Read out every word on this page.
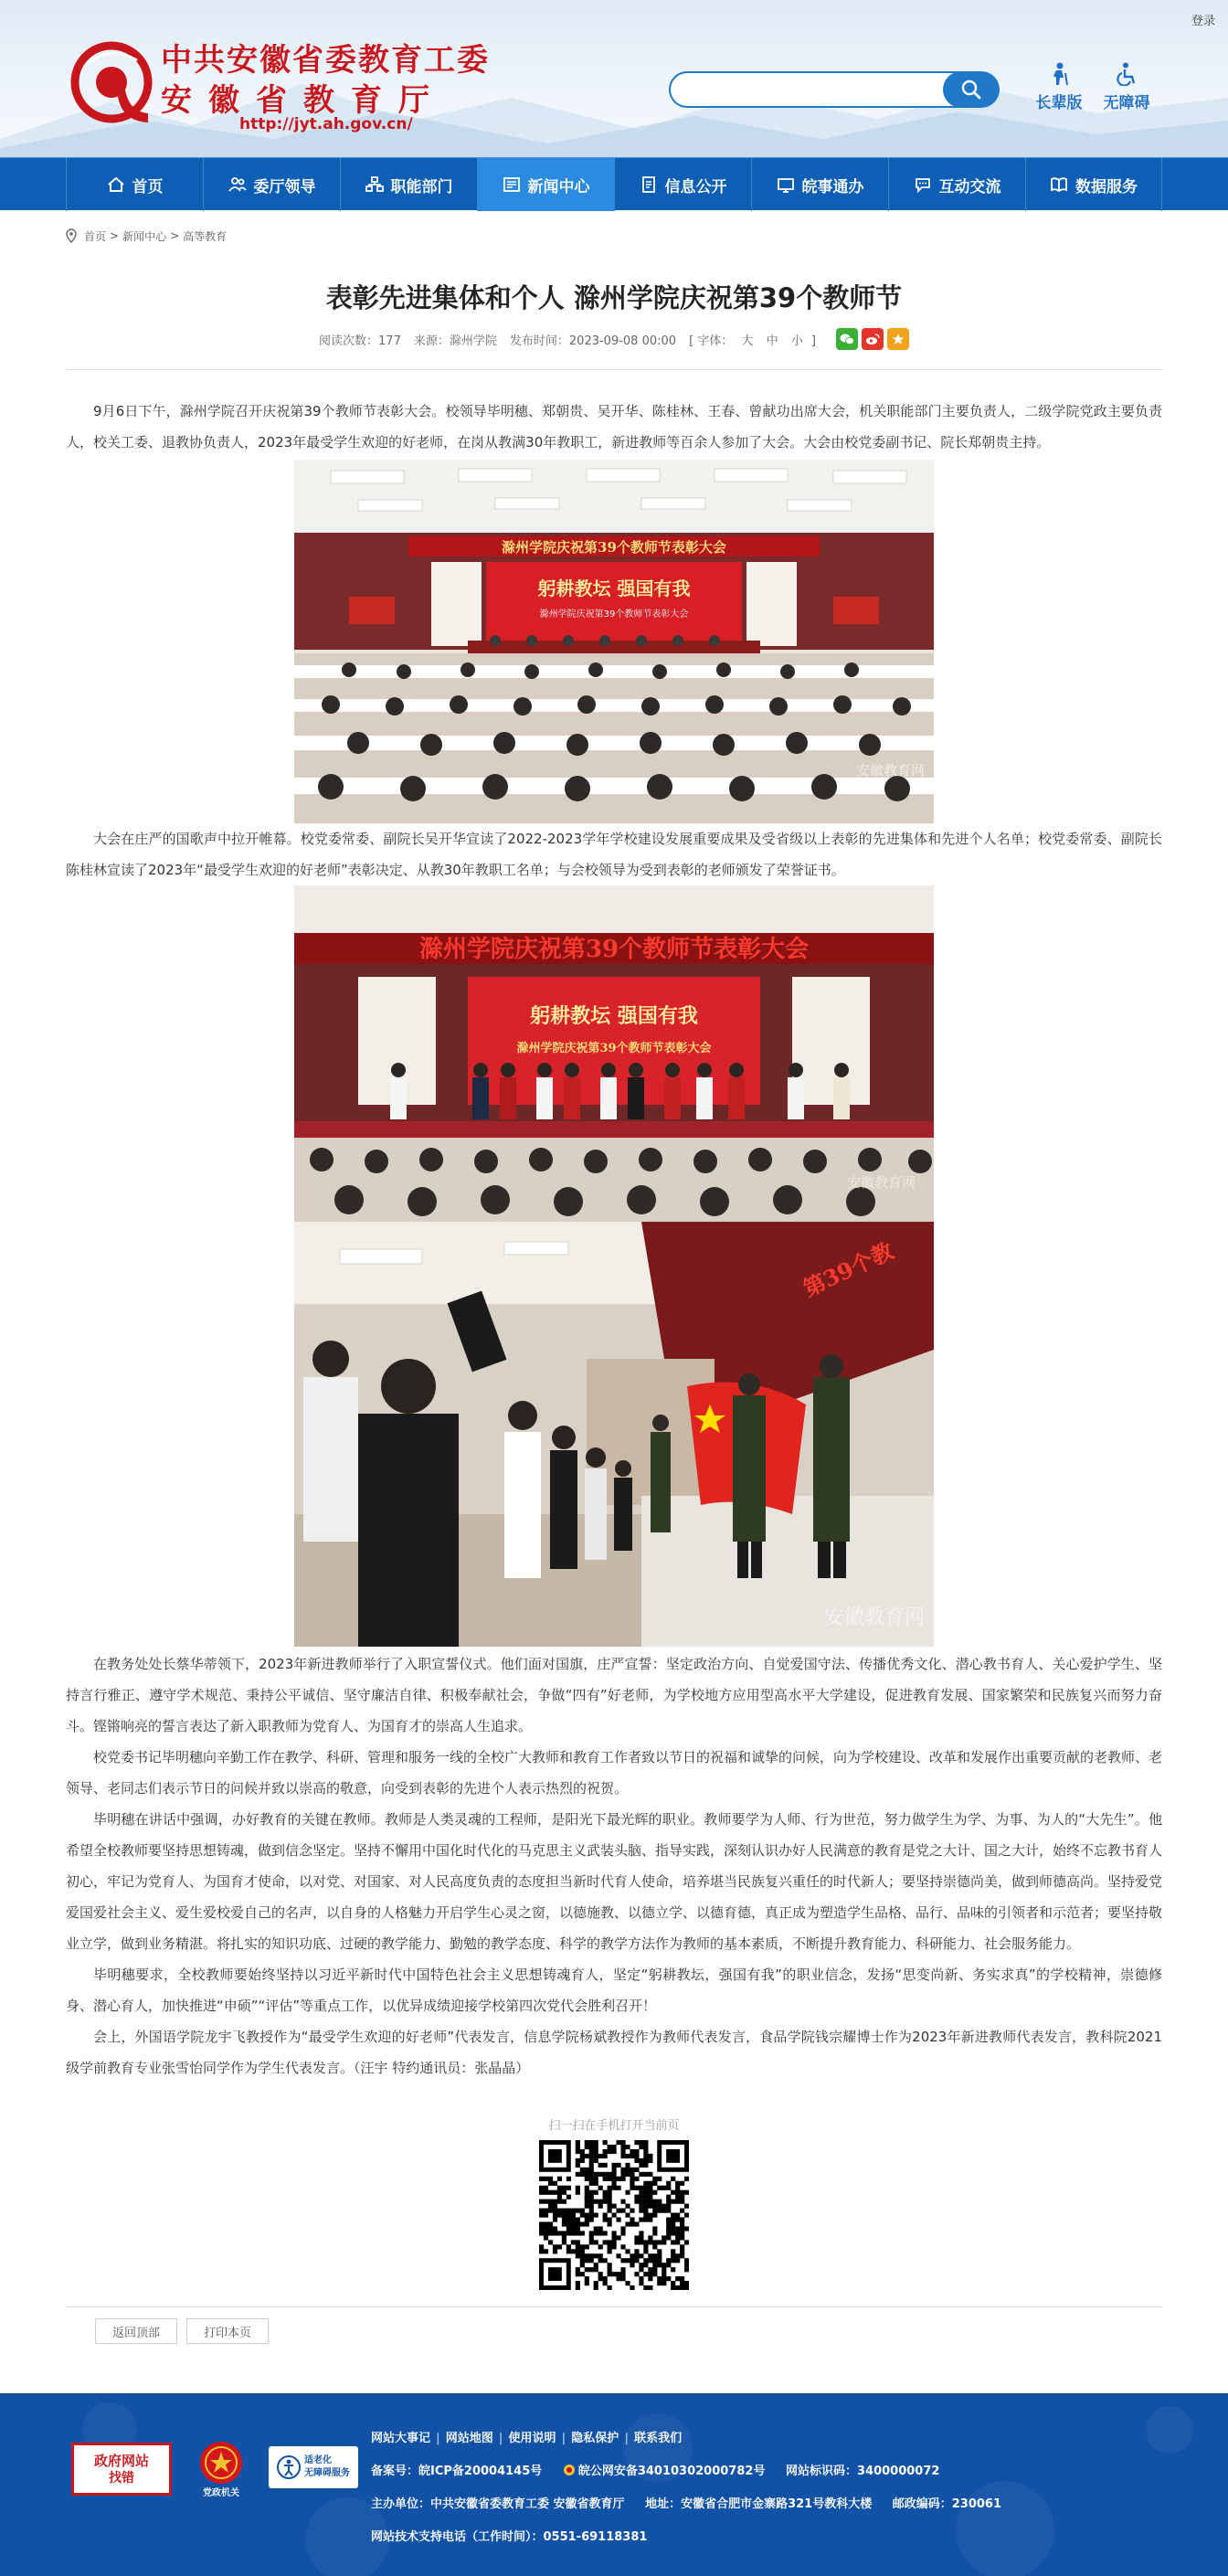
登录
中共安徽省委教育工委
安徽省教育厅
http://jyt.ah.gov.cn/
长辈版	无障碍
首页	委厅领导	职能部门	新闻中心	信息公开	皖事通办	互动交流	数据服务
首页 > 新闻中心 > 高等教育
表彰先进集体和个人 滁州学院庆祝第39个教师节
阅读次数：177 来源：滁州学院 发布时间：2023-09-08 00:00 [ 字体： 大 中 小 ]

9月6日下午，滁州学院召开庆祝第39个教师节表彰大会。校领导毕明穗、郑朝贵、吴开华、陈桂林、王春、曾献功出席大会，机关职能部门主要负责人，二级学院党政主要负责人，校关工委、退教协负责人，2023年最受学生欢迎的好老师，在岗从教满30年教职工，新进教师等百余人参加了大会。大会由校党委副书记、院长郑朝贵主持。

滁州学院庆祝第39个教师节表彰大会
躬耕教坛 强国有我
滁州学院庆祝第39个教师节表彰大会
安徽教育网

大会在庄严的国歌声中拉开帷幕。校党委常委、副院长吴开华宣读了2022-2023学年学校建设发展重要成果及受省级以上表彰的先进集体和先进个人名单；校党委常委、副院长陈桂林宣读了2023年“最受学生欢迎的好老师”表彰决定、从教30年教职工名单；与会校领导为受到表彰的老师颁发了荣誉证书。

滁州学院庆祝第39个教师节表彰大会
躬耕教坛 强国有我
滁州学院庆祝第39个教师节表彰大会
安徽教育网
第39个教
安徽教育网

在教务处处长蔡华蒂领下，2023年新进教师举行了入职宣誓仪式。他们面对国旗，庄严宣誓：坚定政治方向、自觉爱国守法、传播优秀文化、潜心教书育人、关心爱护学生、坚持言行雅正、遵守学术规范、秉持公平诚信、坚守廉洁自律、积极奉献社会，争做“四有”好老师，为学校地方应用型高水平大学建设，促进教育发展、国家繁荣和民族复兴而努力奋斗。铿锵响亮的誓言表达了新入职教师为党育人、为国育才的崇高人生追求。

校党委书记毕明穗向辛勤工作在教学、科研、管理和服务一线的全校广大教师和教育工作者致以节日的祝福和诚挚的问候，向为学校建设、改革和发展作出重要贡献的老教师、老领导、老同志们表示节日的问候并致以崇高的敬意，向受到表彰的先进个人表示热烈的祝贺。

毕明穗在讲话中强调，办好教育的关键在教师。教师是人类灵魂的工程师，是阳光下最光辉的职业。教师要学为人师、行为世范，努力做学生为学、为事、为人的“大先生”。他希望全校教师要坚持思想铸魂，做到信念坚定。坚持不懈用中国化时代化的马克思主义武装头脑、指导实践，深刻认识办好人民满意的教育是党之大计、国之大计，始终不忘教书育人初心，牢记为党育人、为国育才使命，以对党、对国家、对人民高度负责的态度担当新时代育人使命，培养堪当民族复兴重任的时代新人；要坚持崇德尚美，做到师德高尚。坚持爱党爱国爱社会主义、爱生爱校爱自己的名声，以自身的人格魅力开启学生心灵之窗，以德施教、以德立学、以德育德，真正成为塑造学生品格、品行、品味的引领者和示范者；要坚持敬业立学，做到业务精湛。将扎实的知识功底、过硬的教学能力、勤勉的教学态度、科学的教学方法作为教师的基本素质，不断提升教育能力、科研能力、社会服务能力。

毕明穗要求，全校教师要始终坚持以习近平新时代中国特色社会主义思想铸魂育人，坚定“躬耕教坛，强国有我”的职业信念，发扬“思变尚新、务实求真”的学校精神，崇德修身、潜心育人，加快推进“申硕”“评估”等重点工作，以优异成绩迎接学校第四次党代会胜利召开！

会上，外国语学院龙宇飞教授作为“最受学生欢迎的好老师”代表发言，信息学院杨斌教授作为教师代表发言，食品学院钱宗耀博士作为2023年新进教师代表发言，教科院2021级学前教育专业张雪怡同学作为学生代表发言。（汪宇 特约通讯员：张晶晶）

扫一扫在手机打开当前页
返回顶部	打印本页
政府网站
找错
党政机关
适老化
无障碍服务
网站大事记 | 网站地图 | 使用说明 | 隐私保护 | 联系我们
备案号：皖ICP备20004145号	皖公网安备34010302000782号 网站标识码：3400000072
主办单位：中共安徽省委教育工委 安徽省教育厅 地址：安徽省合肥市金寨路321号教科大楼 邮政编码：230061
网站技术支持电话（工作时间）：0551-69118381
